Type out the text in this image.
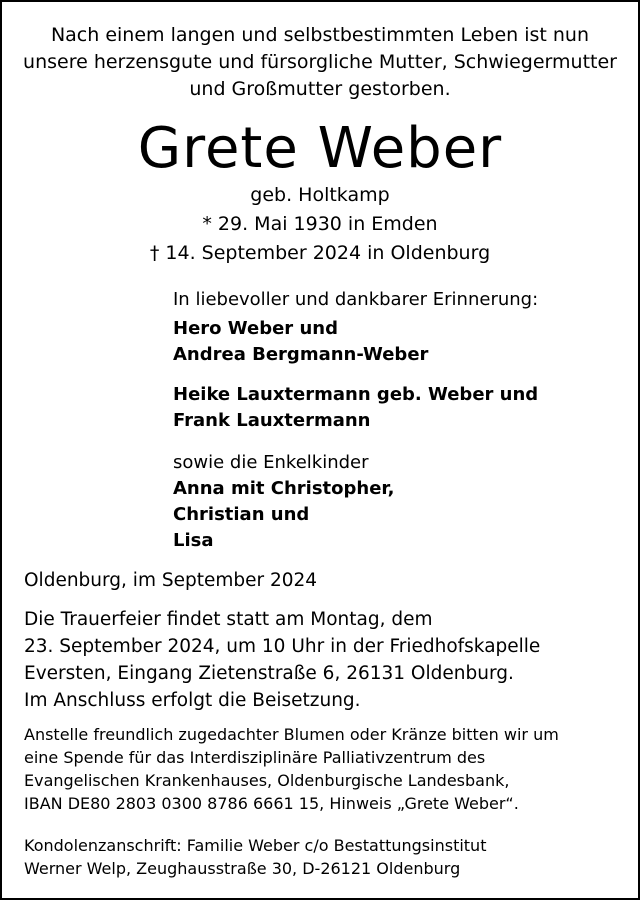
Nach einem langen und selbstbestimmten Leben ist nun
unsere herzensgute und fürsorgliche Mutter, Schwiegermutter
und Großmutter gestorben.
Grete Weber
geb. Holtkamp
* 29. Mai 1930 in Emden
† 14. September 2024 in Oldenburg
In liebevoller und dankbarer Erinnerung:
Hero Weber und
Andrea Bergmann-Weber
Heike Lauxtermann geb. Weber und
Frank Lauxtermann
sowie die Enkelkinder
Anna mit Christopher,
Christian und
Lisa
Oldenburg, im September 2024
Die Trauerfeier findet statt am Montag, dem
23. September 2024, um 10 Uhr in der Friedhofskapelle
Eversten, Eingang Zietenstraße 6, 26131 Oldenburg.
Im Anschluss erfolgt die Beisetzung.
Anstelle freundlich zugedachter Blumen oder Kränze bitten wir um
eine Spende für das Interdisziplinäre Palliativzentrum des
Evangelischen Krankenhauses, Oldenburgische Landesbank,
IBAN DE80 2803 0300 8786 6661 15, Hinweis „Grete Weber“.
Kondolenzanschrift: Familie Weber c/o Bestattungsinstitut
Werner Welp, Zeughausstraße 30, D-26121 Oldenburg
